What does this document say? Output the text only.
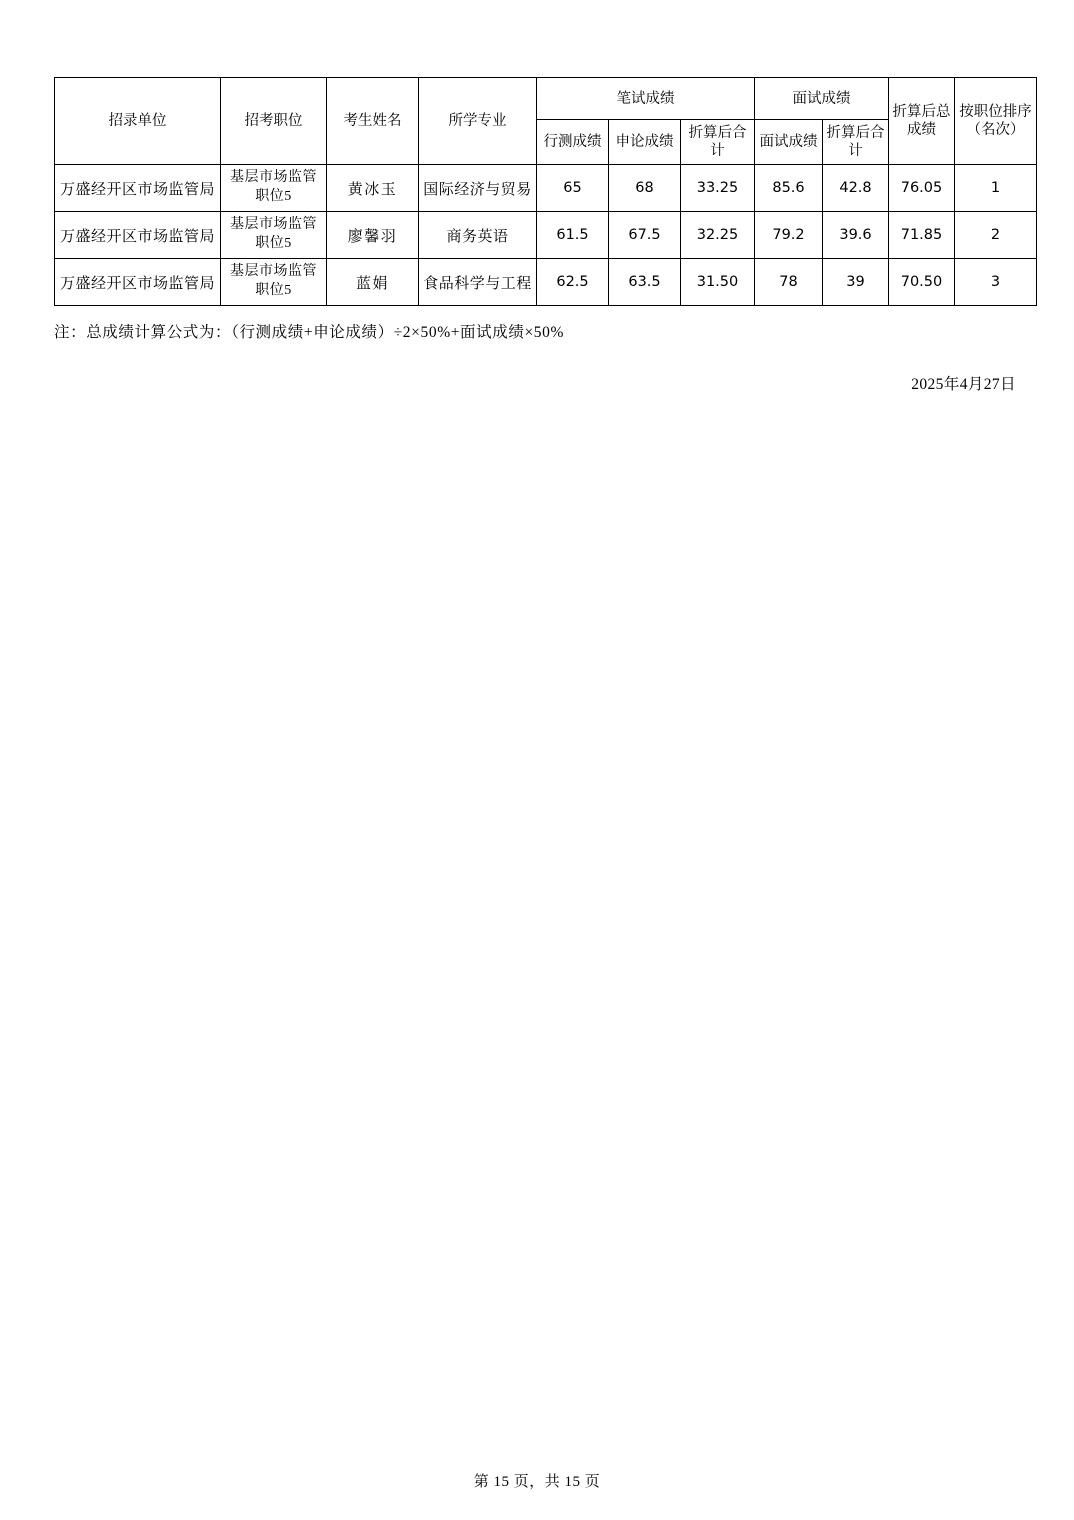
招录单位	招考职位	考生姓名	所学专业	笔试成绩			面试成绩		折算后总成绩	按职位排序（名次）
				行测成绩	申论成绩	折算后合计	面试成绩	折算后合计		
万盛经开区市场监管局	基层市场监管职位5	黄冰玉	国际经济与贸易	65	68	33.25	85.6	42.8	76.05	1
万盛经开区市场监管局	基层市场监管职位5	廖馨羽	商务英语	61.5	67.5	32.25	79.2	39.6	71.85	2
万盛经开区市场监管局	基层市场监管职位5	蓝娟	食品科学与工程	62.5	63.5	31.50	78	39	70.50	3
注：总成绩计算公式为：（行测成绩+申论成绩）÷2×50%+面试成绩×50%
2025年4月27日
第 15 页，共 15 页
